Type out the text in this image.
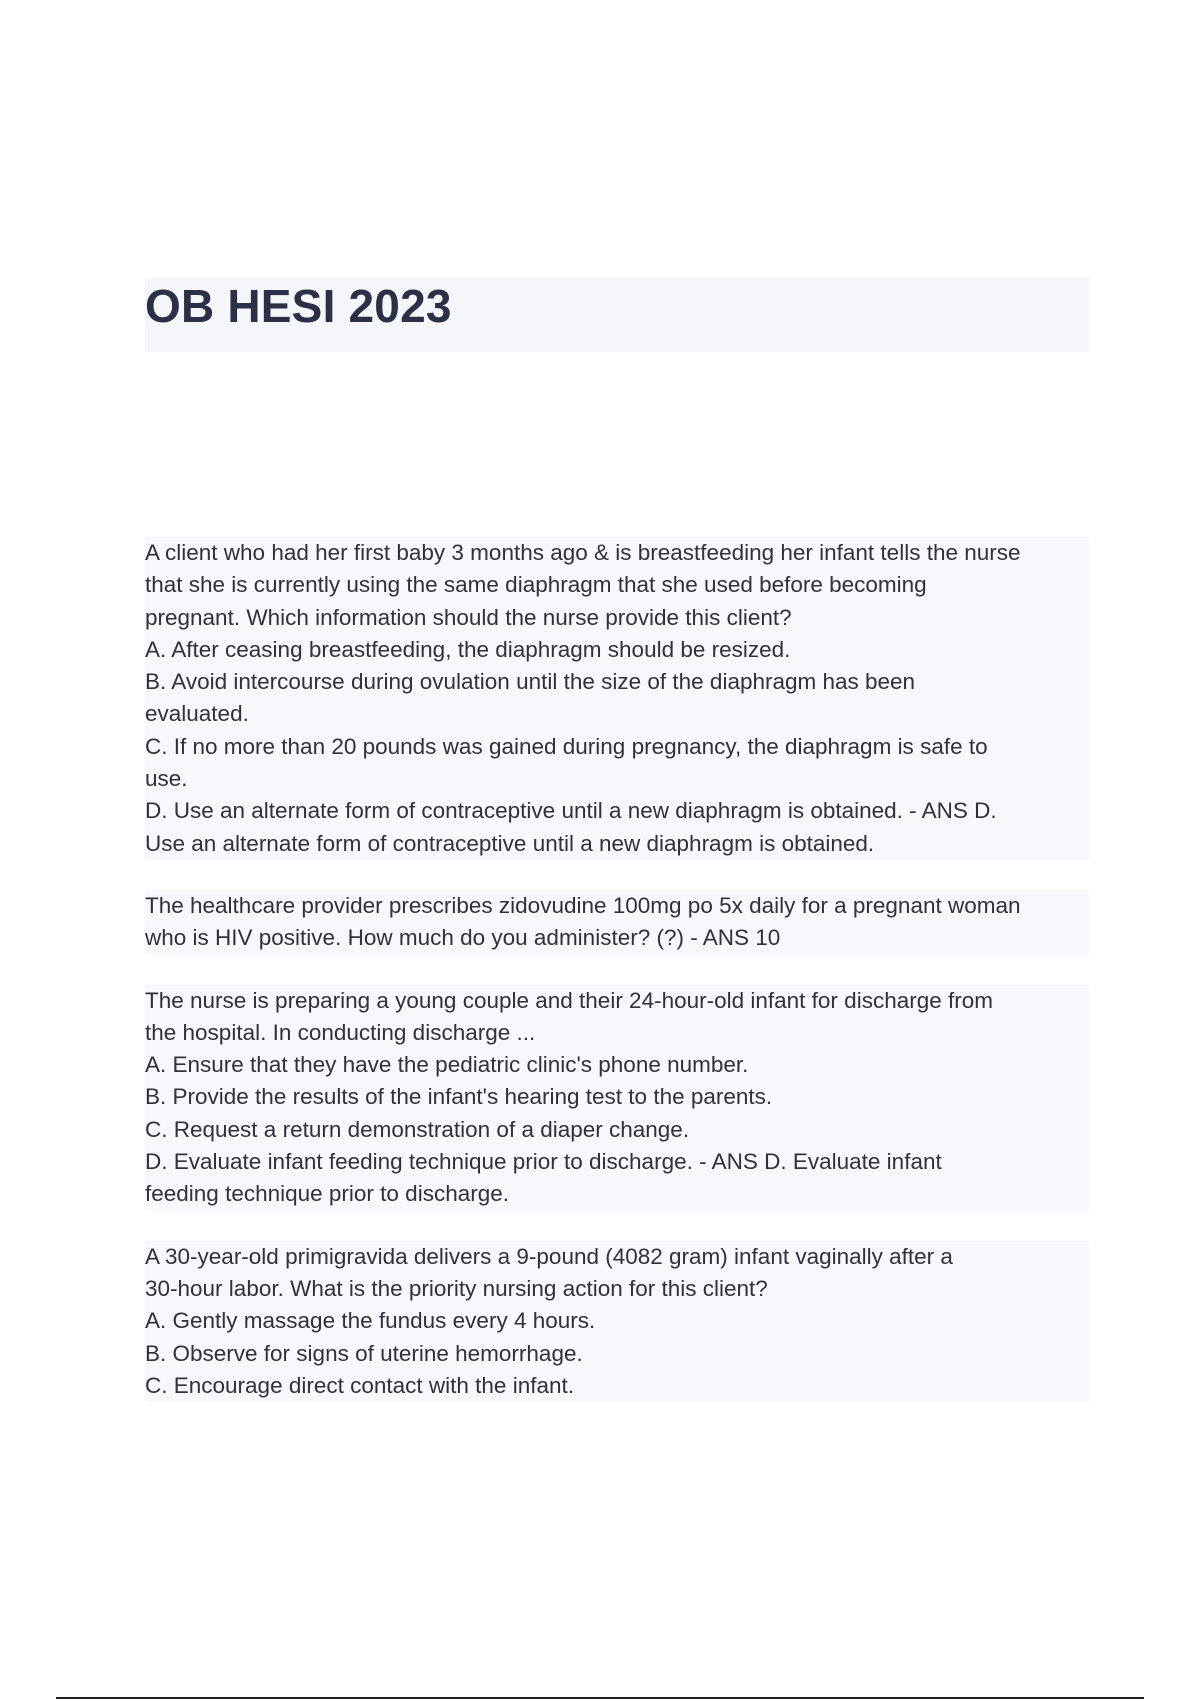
OB HESI 2023
A client who had her first baby 3 months ago & is breastfeeding her infant tells the nurse
that she is currently using the same diaphragm that she used before becoming
pregnant. Which information should the nurse provide this client?
A. After ceasing breastfeeding, the diaphragm should be resized.
B. Avoid intercourse during ovulation until the size of the diaphragm has been
evaluated.
C. If no more than 20 pounds was gained during pregnancy, the diaphragm is safe to
use.
D. Use an alternate form of contraceptive until a new diaphragm is obtained. - ANS D.
Use an alternate form of contraceptive until a new diaphragm is obtained.
The healthcare provider prescribes zidovudine 100mg po 5x daily for a pregnant woman
who is HIV positive. How much do you administer? (?) - ANS 10
The nurse is preparing a young couple and their 24-hour-old infant for discharge from
the hospital. In conducting discharge ...
A. Ensure that they have the pediatric clinic's phone number.
B. Provide the results of the infant's hearing test to the parents.
C. Request a return demonstration of a diaper change.
D. Evaluate infant feeding technique prior to discharge. - ANS D. Evaluate infant
feeding technique prior to discharge.
A 30-year-old primigravida delivers a 9-pound (4082 gram) infant vaginally after a
30-hour labor. What is the priority nursing action for this client?
A. Gently massage the fundus every 4 hours.
B. Observe for signs of uterine hemorrhage.
C. Encourage direct contact with the infant.
